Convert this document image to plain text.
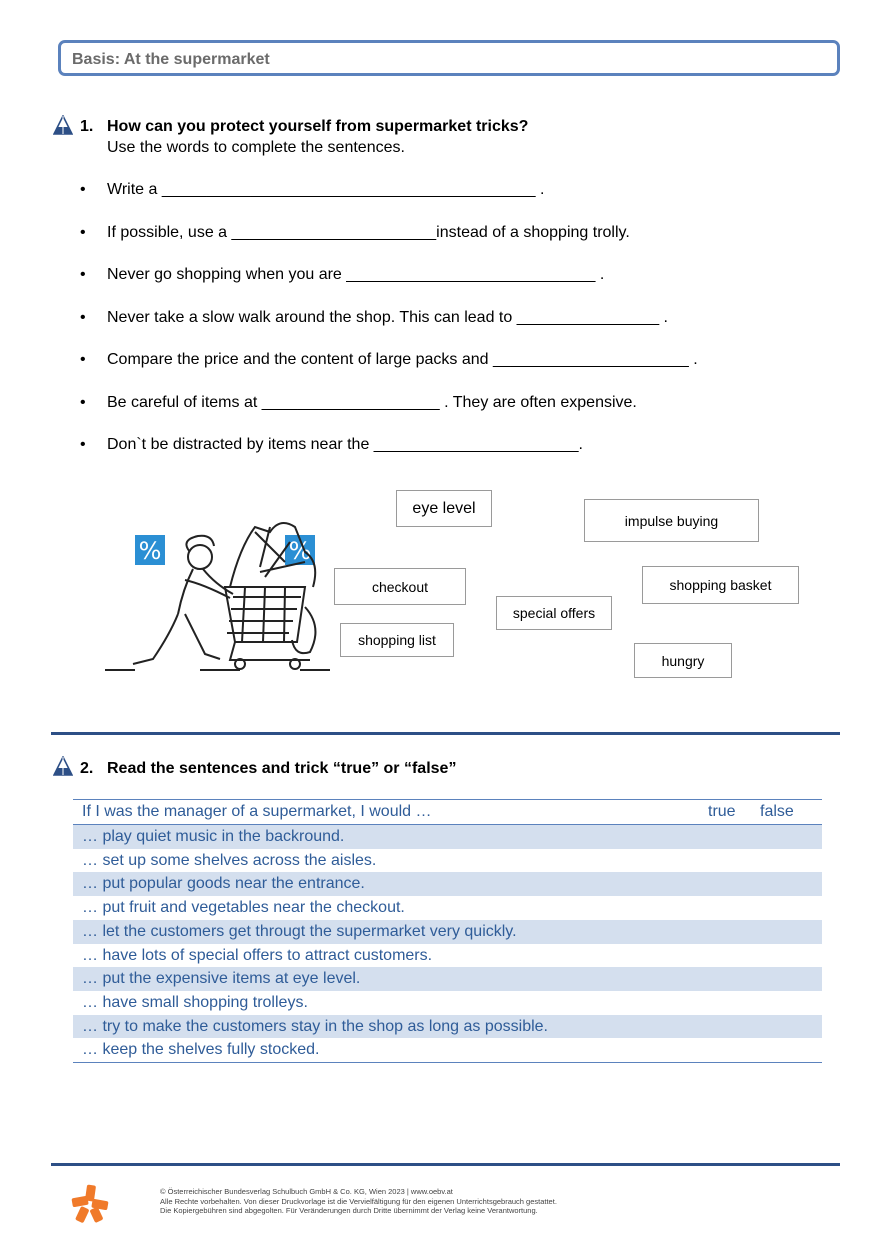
Basis: At the supermarket
1. How can you protect yourself from supermarket tricks?
Use the words to complete the sentences.
• Write a __________________________________________ .
• If possible, use a _______________________instead of a shopping trolly.
• Never go shopping when you are ____________________________ .
• Never take a slow walk around the shop. This can lead to ________________ .
• Compare the price and the content of large packs and ______________________ .
• Be careful of items at ____________________ . They are often expensive.
• Don`t be distracted by items near the _______________________.
%	%
eye level
impulse buying
checkout	shopping basket
special offers
shopping list
hungry
2. Read the sentences and trick “true” or “false”
If I was the manager of a supermarket, I would …	true	false
… play quiet music in the backround.		
… set up some shelves across the aisles.		
… put popular goods near the entrance.		
… put fruit and vegetables near the checkout.		
… let the customers get througt the supermarket very quickly.		
… have lots of special offers to attract customers.		
… put the expensive items at eye level.		
… have small shopping trolleys.		
… try to make the customers stay in the shop as long as possible.		
… keep the shelves fully stocked.		
© Österreichischer Bundesverlag Schulbuch GmbH & Co. KG, Wien 2023 | www.oebv.at
Alle Rechte vorbehalten. Von dieser Druckvorlage ist die Vervielfältigung für den eigenen Unterrichtsgebrauch gestattet.
Die Kopiergebühren sind abgegolten. Für Veränderungen durch Dritte übernimmt der Verlag keine Verantwortung.
